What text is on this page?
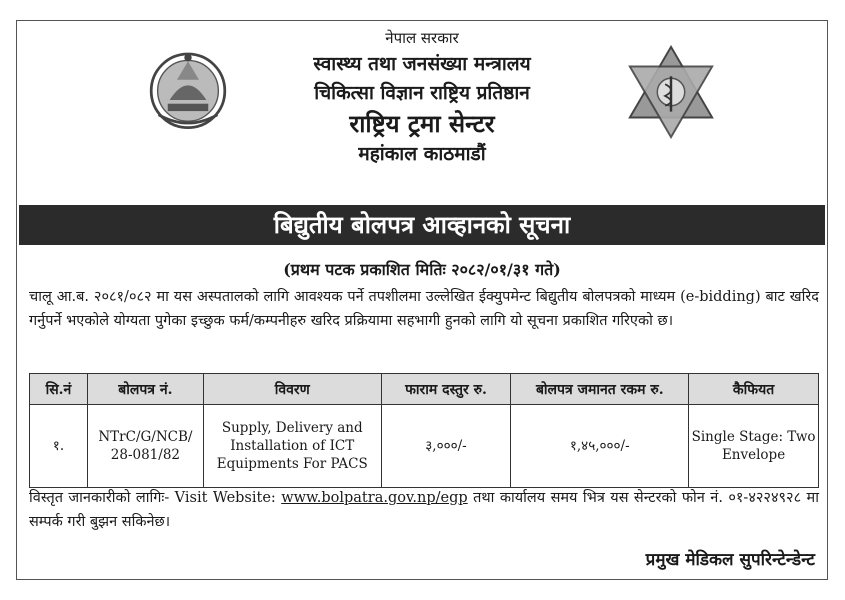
नेपाल सरकार
स्वास्थ्य तथा जनसंख्या मन्त्रालय
चिकित्सा विज्ञान राष्ट्रिय प्रतिष्ठान
राष्ट्रिय ट्रमा सेन्टर
महांकाल काठमाडौं
बिद्युतीय बोलपत्र आव्हानको सूचना
(प्रथम पटक प्रकाशित मितिः २०८२/०१/३१ गते)
चालू आ.ब. २०८१/०८२ मा यस अस्पतालको लागि आवश्यक पर्ने तपशीलमा उल्लेखित ईक्युपमेन्ट बिद्युतीय बोलपत्रको माध्यम (e-bidding) बाट खरिद गर्नुपर्ने भएकोले योग्यता पुगेका इच्छुक फर्म/कम्पनीहरु खरिद प्रक्रियामा सहभागी हुनको लागि यो सूचना प्रकाशित गरिएको छ।
सि.नं	बोलपत्र नं.	विवरण	फाराम दस्तुर रु.	बोलपत्र जमानत रकम रु.	कैफियत
१.	NTrC/G/NCB/ 28-081/82	Supply, Delivery and Installation of ICT Equipments For PACS	३,०००/-	१,४५,०००/-	Single Stage: Two Envelope
विस्तृत जानकारीको लागिः- Visit Website: www.bolpatra.gov.np/egp तथा कार्यालय समय भित्र यस सेन्टरको फोन नं. ०१-४२२४९२८ मा सम्पर्क गरी बुझन सकिनेछ।
प्रमुख मेडिकल सुपरिन्टेन्डेन्ट
